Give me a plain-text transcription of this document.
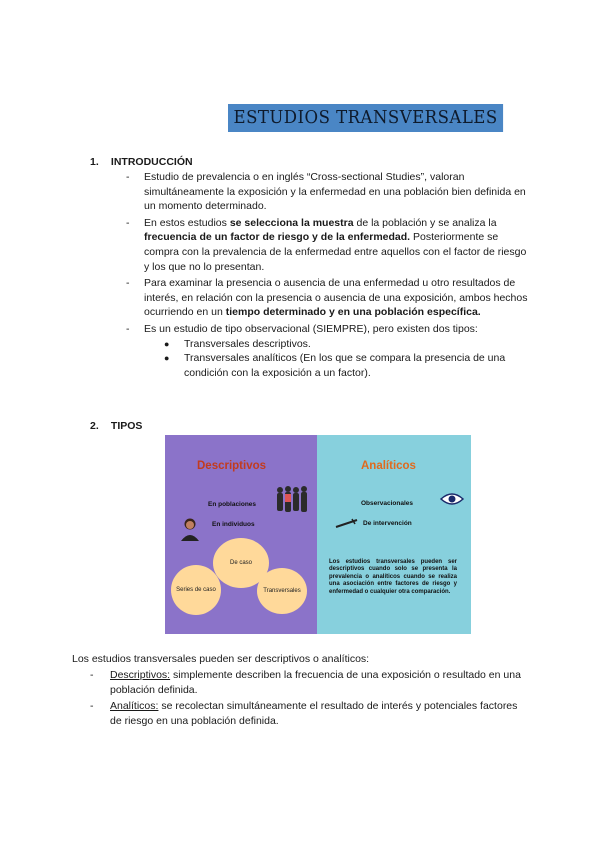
ESTUDIOS TRANSVERSALES
1. INTRODUCCIÓN
- Estudio de prevalencia o en inglés “Cross-sectional Studies”, valoran simultáneamente la exposición y la enfermedad en una población bien definida en un momento determinado.
- En estos estudios se selecciona la muestra de la población y se analiza la frecuencia de un factor de riesgo y de la enfermedad. Posteriormente se compra con la prevalencia de la enfermedad entre aquellos con el factor de riesgo y los que no lo presentan.
- Para examinar la presencia o ausencia de una enfermedad u otro resultados de interés, en relación con la presencia o ausencia de una exposición, ambos hechos ocurriendo en un tiempo determinado y en una población específica.
- Es un estudio de tipo observacional (SIEMPRE), pero existen dos tipos:
● Transversales descriptivos.
● Transversales analíticos (En los que se compara la presencia de una condición con la exposición a un factor).
2. TIPOS
Descriptivos
En poblaciones
En individuos
De caso
Series de caso	Transversales
Analíticos
Observacionales
De intervención
Los estudios transversales pueden ser descriptivos cuando solo se presenta la prevalencia o analíticos cuando se realiza una asociación entre factores de riesgo y enfermedad o cualquier otra comparación.
Los estudios transversales pueden ser descriptivos o analíticos:
- Descriptivos: simplemente describen la frecuencia de una exposición o resultado en una población definida.
- Analíticos: se recolectan simultáneamente el resultado de interés y potenciales factores de riesgo en una población definida.
